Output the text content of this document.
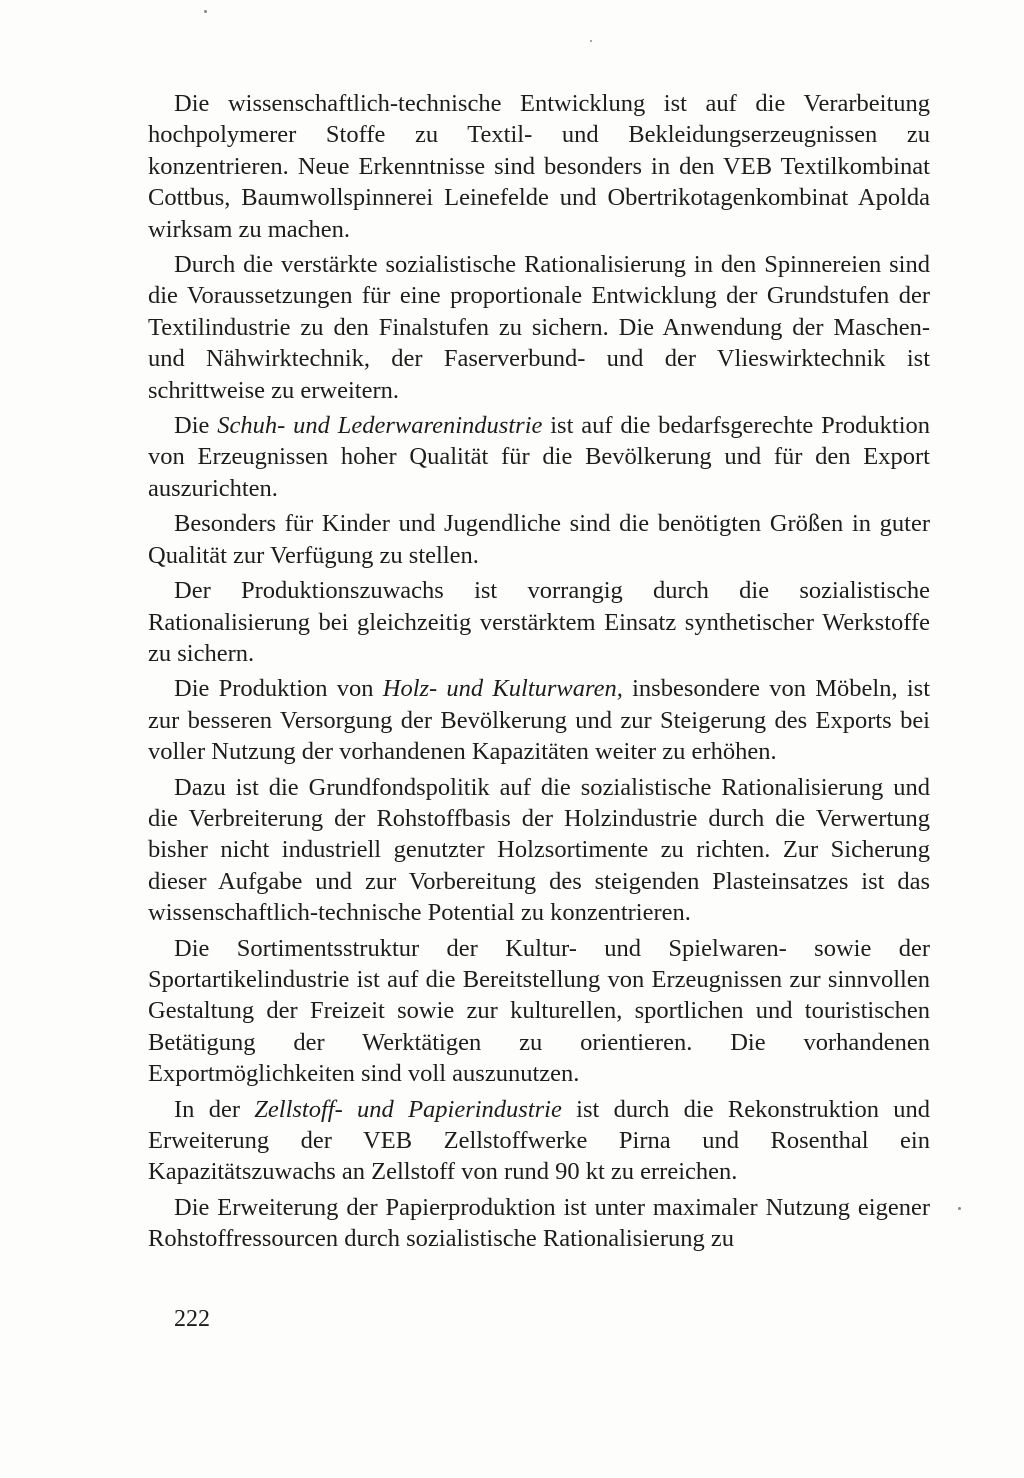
Die wissenschaftlich-technische Entwicklung ist auf die Verarbeitung hochpolymerer Stoffe zu Textil- und Bekleidungserzeugnissen zu konzentrieren. Neue Erkenntnisse sind besonders in den VEB Textilkombinat Cottbus, Baumwollspinnerei Leinefelde und Obertrikotagenkombinat Apolda wirksam zu machen.

Durch die verstärkte sozialistische Rationalisierung in den Spinnereien sind die Voraussetzungen für eine proportionale Entwicklung der Grundstufen der Textilindustrie zu den Finalstufen zu sichern. Die Anwendung der Maschen- und Nähwirktechnik, der Faserverbund- und der Vlieswirktechnik ist schrittweise zu erweitern.

Die Schuh- und Lederwarenindustrie ist auf die bedarfsgerechte Produktion von Erzeugnissen hoher Qualität für die Bevölkerung und für den Export auszurichten.

Besonders für Kinder und Jugendliche sind die benötigten Größen in guter Qualität zur Verfügung zu stellen.

Der Produktionszuwachs ist vorrangig durch die sozialistische Rationalisierung bei gleichzeitig verstärktem Einsatz synthetischer Werkstoffe zu sichern.

Die Produktion von Holz- und Kulturwaren, insbesondere von Möbeln, ist zur besseren Versorgung der Bevölkerung und zur Steigerung des Exports bei voller Nutzung der vorhandenen Kapazitäten weiter zu erhöhen.

Dazu ist die Grundfondspolitik auf die sozialistische Rationalisierung und die Verbreiterung der Rohstoffbasis der Holzindustrie durch die Verwertung bisher nicht industriell genutzter Holzsortimente zu richten. Zur Sicherung dieser Aufgabe und zur Vorbereitung des steigenden Plasteinsatzes ist das wissenschaftlich-technische Potential zu konzentrieren.

Die Sortimentsstruktur der Kultur- und Spielwaren- sowie der Sportartikelindustrie ist auf die Bereitstellung von Erzeugnissen zur sinnvollen Gestaltung der Freizeit sowie zur kulturellen, sportlichen und touristischen Betätigung der Werktätigen zu orientieren. Die vorhandenen Exportmöglichkeiten sind voll auszunutzen.

In der Zellstoff- und Papierindustrie ist durch die Rekonstruktion und Erweiterung der VEB Zellstoffwerke Pirna und Rosenthal ein Kapazitätszuwachs an Zellstoff von rund 90 kt zu erreichen.

Die Erweiterung der Papierproduktion ist unter maximaler Nutzung eigener Rohstoffressourcen durch sozialistische Rationalisierung zu

222
